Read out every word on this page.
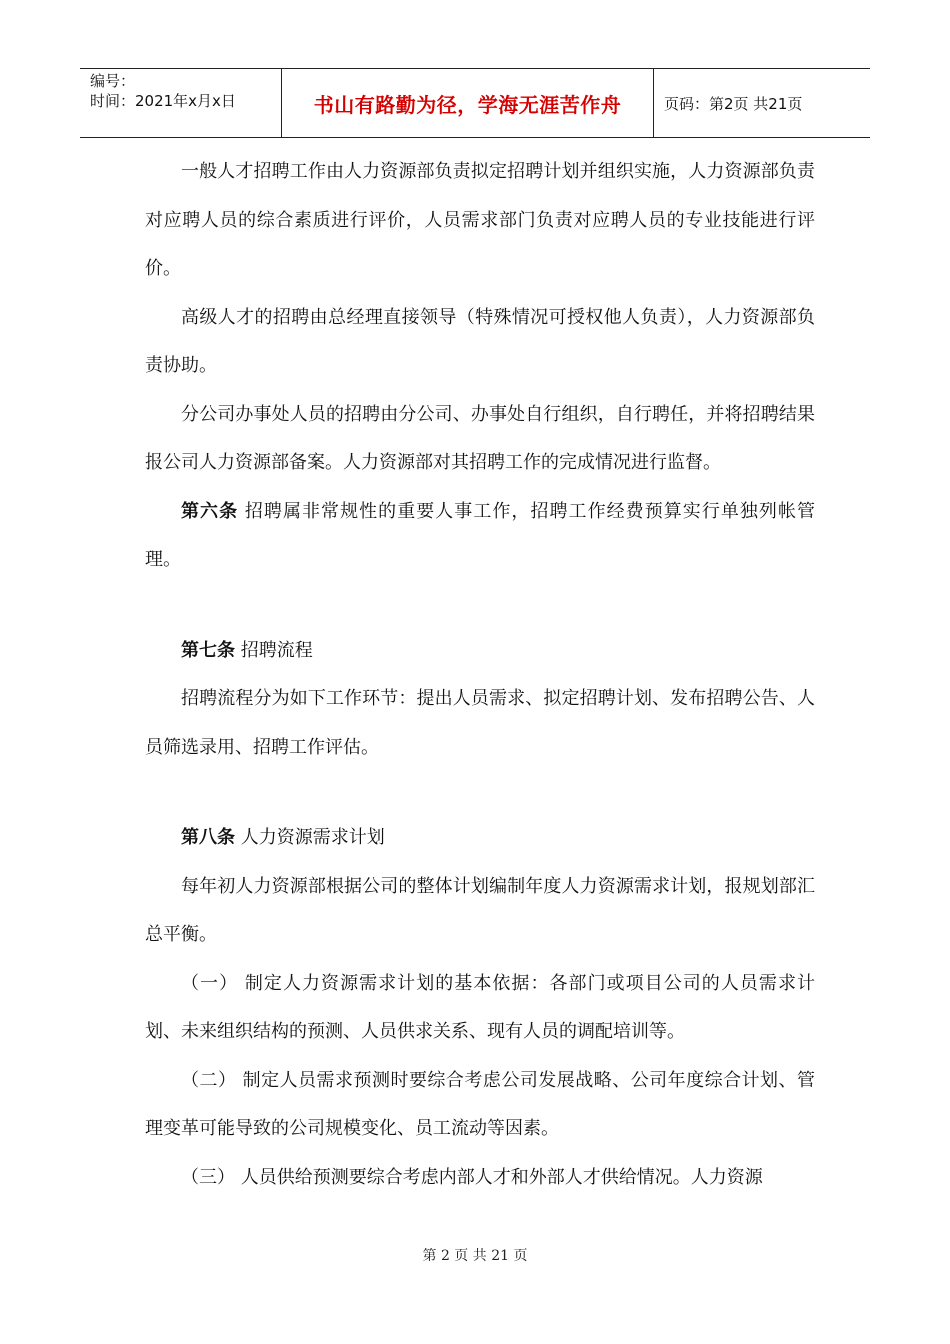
编号：
时间：2021年x月x日	书山有路勤为径，学海无涯苦作舟	页码：第2页 共21页

一般人才招聘工作由人力资源部负责拟定招聘计划并组织实施，人力资源部负责对应聘人员的综合素质进行评价，人员需求部门负责对应聘人员的专业技能进行评价。

高级人才的招聘由总经理直接领导（特殊情况可授权他人负责），人力资源部负责协助。

分公司办事处人员的招聘由分公司、办事处自行组织，自行聘任，并将招聘结果报公司人力资源部备案。人力资源部对其招聘工作的完成情况进行监督。

第六条 招聘属非常规性的重要人事工作，招聘工作经费预算实行单独列帐管理。

第七条 招聘流程

招聘流程分为如下工作环节：提出人员需求、拟定招聘计划、发布招聘公告、人员筛选录用、招聘工作评估。

第八条 人力资源需求计划

每年初人力资源部根据公司的整体计划编制年度人力资源需求计划，报规划部汇总平衡。

（一） 制定人力资源需求计划的基本依据：各部门或项目公司的人员需求计划、未来组织结构的预测、人员供求关系、现有人员的调配培训等。

（二） 制定人员需求预测时要综合考虑公司发展战略、公司年度综合计划、管理变革可能导致的公司规模变化、员工流动等因素。

（三） 人员供给预测要综合考虑内部人才和外部人才供给情况。人力资源

第 2 页 共 21 页
